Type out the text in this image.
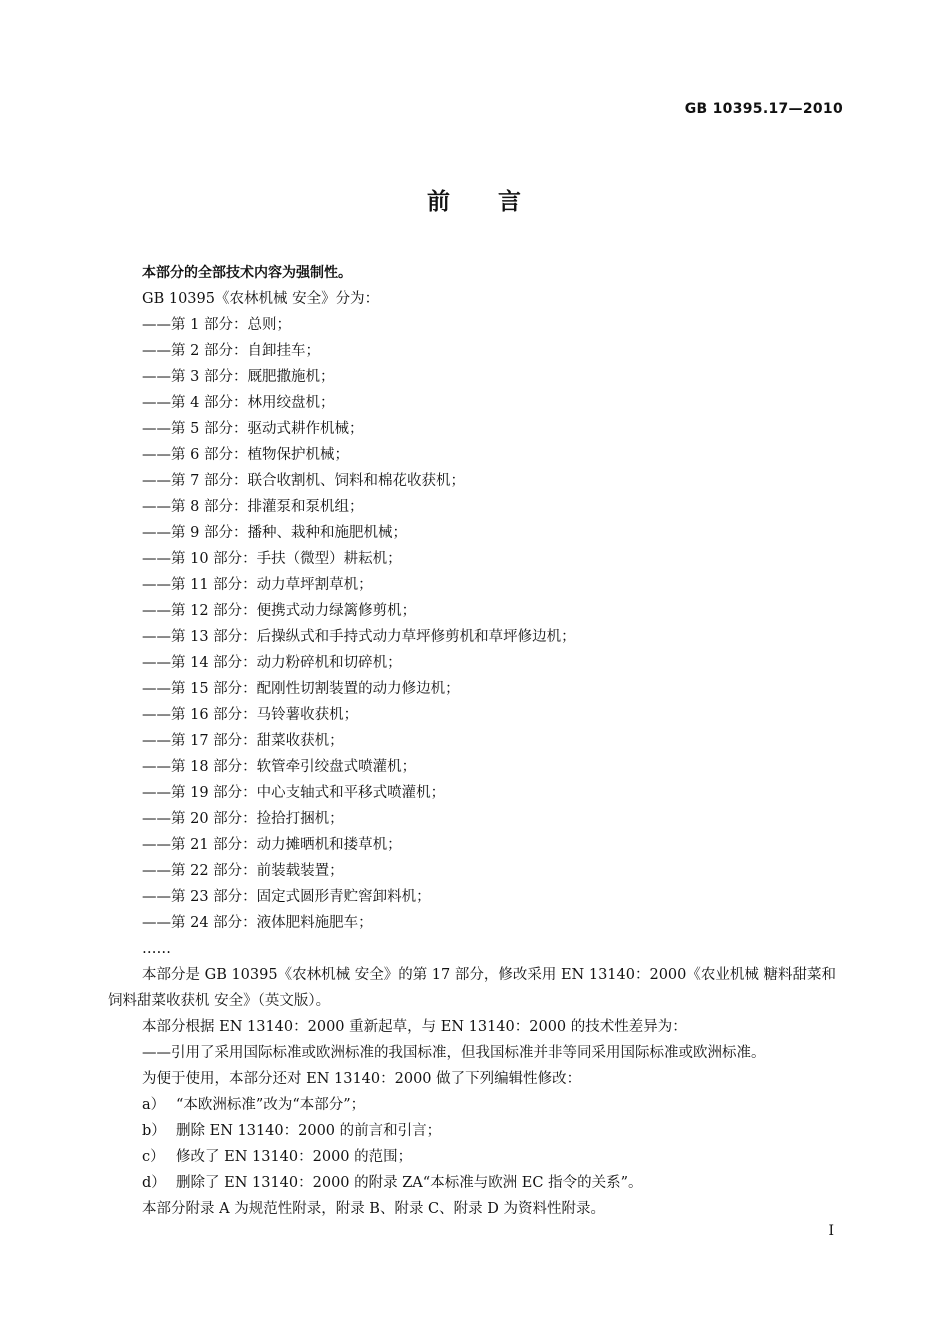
GB 10395.17—2010
前 言
本部分的全部技术内容为强制性。
GB 10395《农林机械 安全》分为：
——第 1 部分：总则；
——第 2 部分：自卸挂车；
——第 3 部分：厩肥撒施机；
——第 4 部分：林用绞盘机；
——第 5 部分：驱动式耕作机械；
——第 6 部分：植物保护机械；
——第 7 部分：联合收割机、饲料和棉花收获机；
——第 8 部分：排灌泵和泵机组；
——第 9 部分：播种、栽种和施肥机械；
——第 10 部分：手扶（微型）耕耘机；
——第 11 部分：动力草坪割草机；
——第 12 部分：便携式动力绿篱修剪机；
——第 13 部分：后操纵式和手持式动力草坪修剪机和草坪修边机；
——第 14 部分：动力粉碎机和切碎机；
——第 15 部分：配刚性切割装置的动力修边机；
——第 16 部分：马铃薯收获机；
——第 17 部分：甜菜收获机；
——第 18 部分：软管牵引绞盘式喷灌机；
——第 19 部分：中心支轴式和平移式喷灌机；
——第 20 部分：捡拾打捆机；
——第 21 部分：动力摊晒机和搂草机；
——第 22 部分：前装载装置；
——第 23 部分：固定式圆形青贮窖卸料机；
——第 24 部分：液体肥料施肥车；
……
本部分是 GB 10395《农林机械 安全》的第 17 部分，修改采用 EN 13140：2000《农业机械 糖料甜菜和饲料甜菜收获机 安全》（英文版）。
本部分根据 EN 13140：2000 重新起草，与 EN 13140：2000 的技术性差异为：
——引用了采用国际标准或欧洲标准的我国标准，但我国标准并非等同采用国际标准或欧洲标准。
为便于使用，本部分还对 EN 13140：2000 做了下列编辑性修改：
a） “本欧洲标准”改为“本部分”；
b） 删除 EN 13140：2000 的前言和引言；
c） 修改了 EN 13140：2000 的范围；
d） 删除了 EN 13140：2000 的附录 ZA“本标准与欧洲 EC 指令的关系”。
本部分附录 A 为规范性附录，附录 B、附录 C、附录 D 为资料性附录。
I
